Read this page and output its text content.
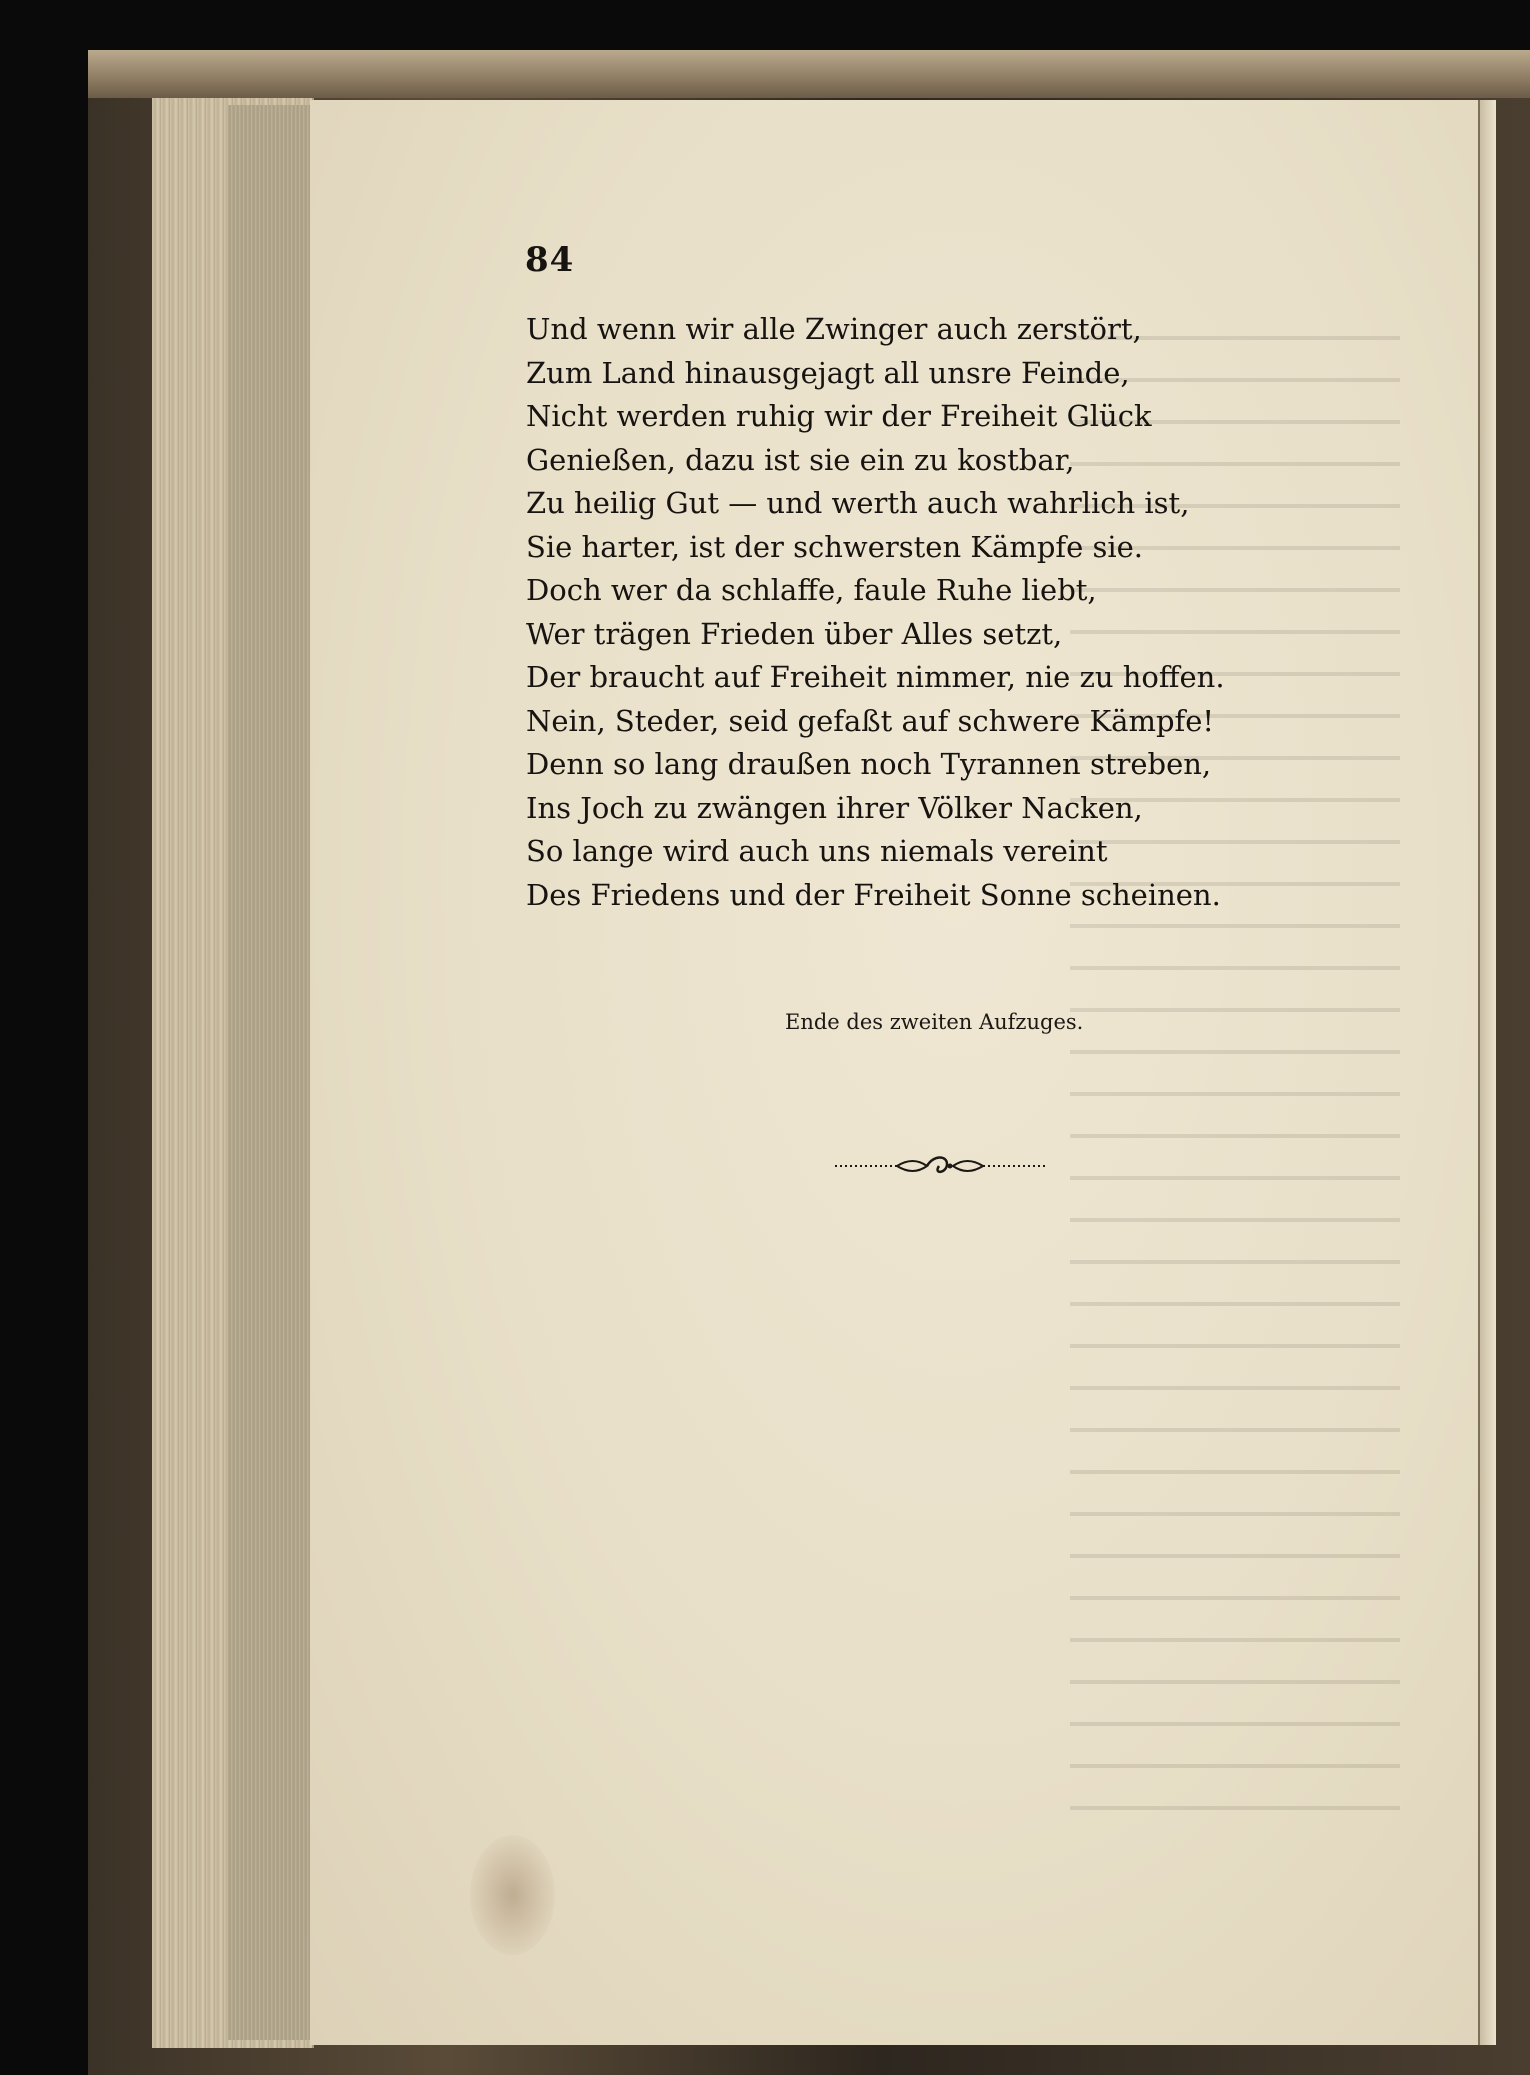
84
Und wenn wir alle Zwinger auch zerstört,
Zum Land hinausgejagt all unsre Feinde,
Nicht werden ruhig wir der Freiheit Glück
Genießen, dazu ist sie ein zu kostbar,
Zu heilig Gut — und werth auch wahrlich ist,
Sie harter, ist der schwersten Kämpfe sie.
Doch wer da schlaffe, faule Ruhe liebt,
Wer trägen Frieden über Alles setzt,
Der braucht auf Freiheit nimmer, nie zu hoffen.
Nein, Steder, seid gefaßt auf schwere Kämpfe!
Denn so lang draußen noch Tyrannen streben,
Ins Joch zu zwängen ihrer Völker Nacken,
So lange wird auch uns niemals vereint
Des Friedens und der Freiheit Sonne scheinen.
Ende des zweiten Aufzuges.
